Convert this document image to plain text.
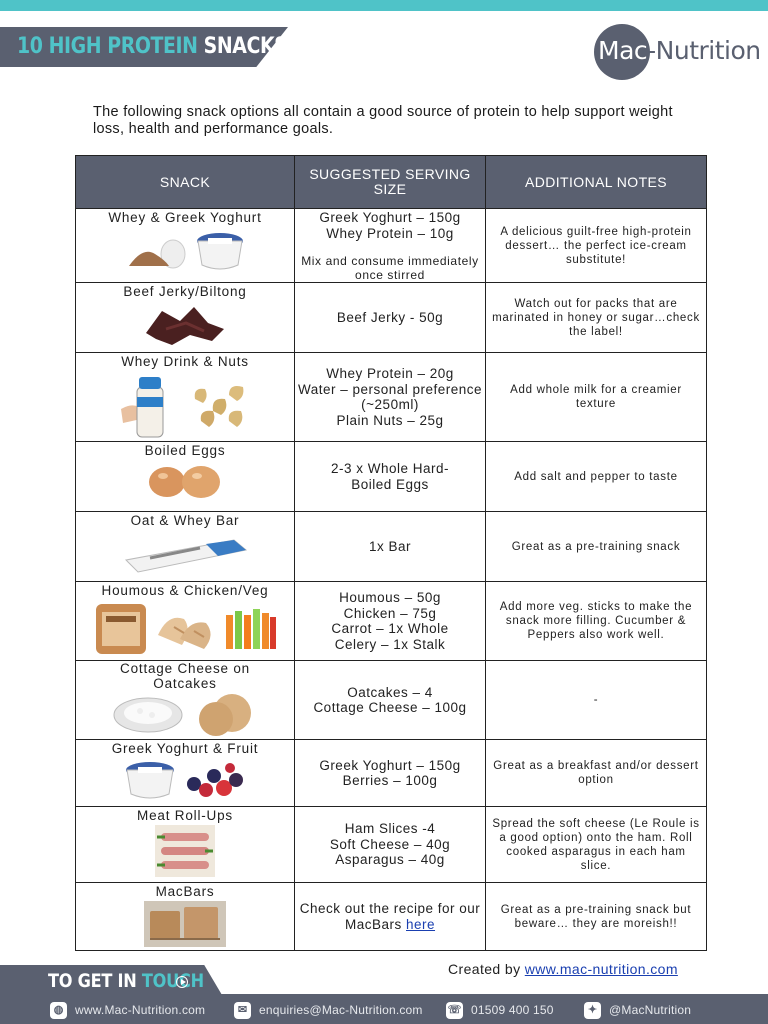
10 HIGH PROTEIN SNACKS	Mac-Nutrition
The following snack options all contain a good source of protein to help support weight loss, health and performance goals.
SNACK	SUGGESTED SERVING SIZE	ADDITIONAL NOTES

Whey & Greek Yoghurt	Greek Yoghurt – 150g
Whey Protein – 10g
Mix and consume immediately once stirred	A delicious guilt-free high-protein dessert… the perfect ice-cream substitute!

Beef Jerky/Biltong	Beef Jerky - 50g	Watch out for packs that are marinated in honey or sugar…check the label!

Whey Drink & Nuts	Whey Protein – 20g
Water – personal preference (~250ml)
Plain Nuts – 25g	Add whole milk for a creamier texture

Boiled Eggs	2-3 x Whole Hard-Boiled Eggs	Add salt and pepper to taste

Oat & Whey Bar	1x Bar	Great as a pre-training snack

Houmous & Chicken/Veg	Houmous – 50g
Chicken – 75g
Carrot – 1x Whole
Celery – 1x Stalk	Add more veg. sticks to make the snack more filling. Cucumber & Peppers also work well.

Cottage Cheese on Oatcakes	Oatcakes – 4
Cottage Cheese – 100g	-

Greek Yoghurt & Fruit	Greek Yoghurt – 150g
Berries – 100g	Great as a breakfast and/or dessert option

Meat Roll-Ups	Ham Slices -4
Soft Cheese – 40g
Asparagus – 40g	Spread the soft cheese (Le Roule is a good option) onto the ham. Roll cooked asparagus in each ham slice.

MacBars	Check out the recipe for our MacBars here	Great as a pre-training snack but beware… they are moreish!!
Created by www.mac-nutrition.com
TO GET IN TOUCH
◍ www.Mac-Nutrition.com	✉ enquiries@Mac-Nutrition.com ☏ 01509 400 150	✦ @MacNutrition
